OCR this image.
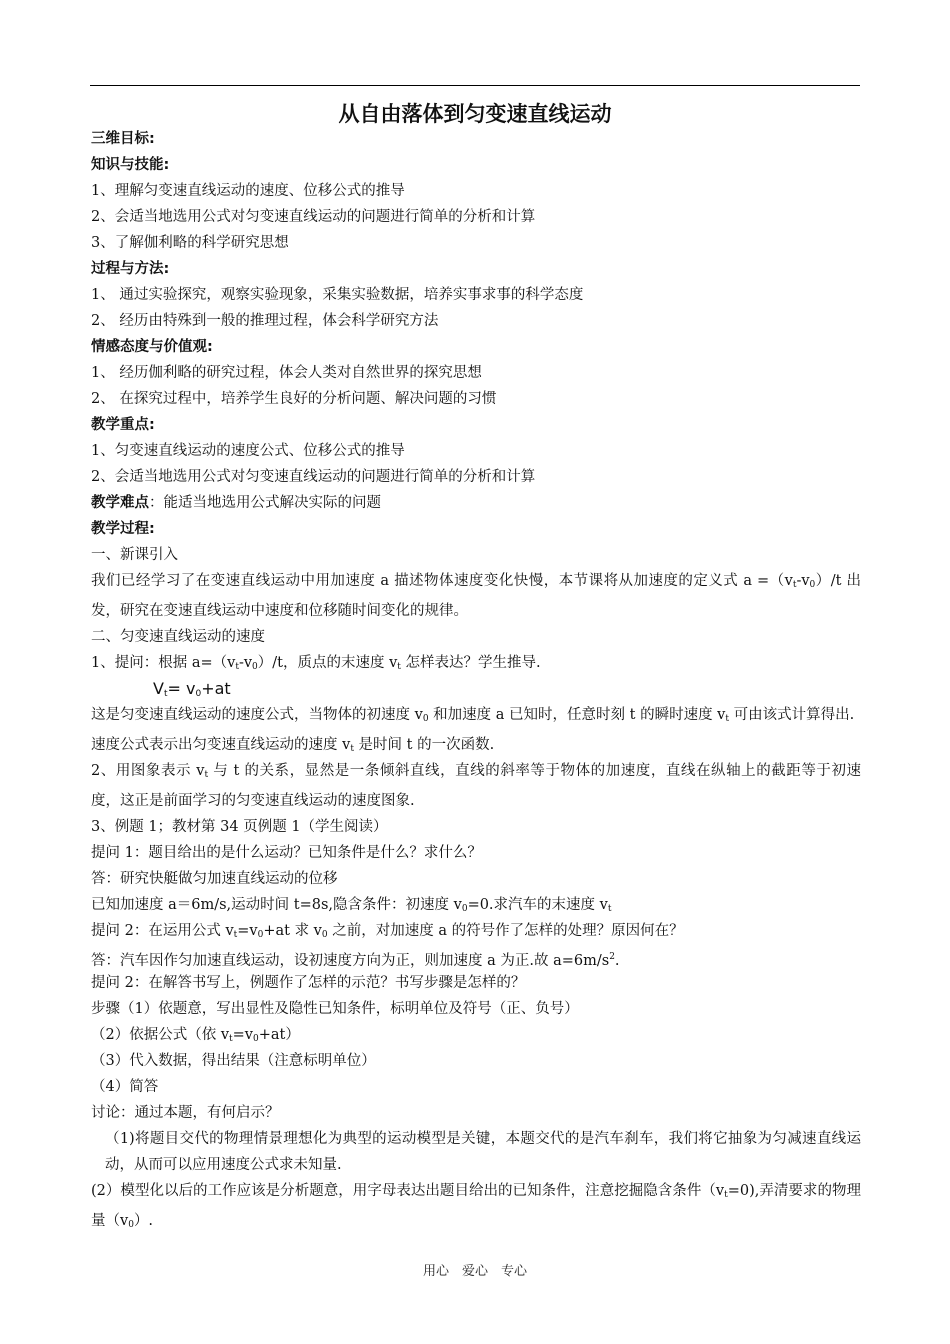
从自由落体到匀变速直线运动
三维目标:
知识与技能:
1、理解匀变速直线运动的速度、位移公式的推导
2、会适当地选用公式对匀变速直线运动的问题进行简单的分析和计算
3、了解伽利略的科学研究思想
过程与方法:
1、 通过实验探究，观察实验现象，采集实验数据，培养实事求事的科学态度
2、 经历由特殊到一般的推理过程，体会科学研究方法
情感态度与价值观:
1、 经历伽利略的研究过程，体会人类对自然世界的探究思想
2、 在探究过程中，培养学生良好的分析问题、解决问题的习惯
教学重点:
1、匀变速直线运动的速度公式、位移公式的推导
2、会适当地选用公式对匀变速直线运动的问题进行简单的分析和计算
教学难点：能适当地选用公式解决实际的问题
教学过程:
一、新课引入
我们已经学习了在变速直线运动中用加速度 a 描述物体速度变化快慢，本节课将从加速度的定义式 $a =(v_t-v_0)/t$ 出发，研究在变速直线运动中速度和位移随时间变化的规律。
二、匀变速直线运动的速度
1、提问：根据 $a=(v_t-v_0)/t$，质点的末速度 $v_t$ 怎样表达？学生推导.
$V_t= v_0+at$
这是匀变速直线运动的速度公式，当物体的初速度 $v_0$ 和加速度 a 已知时，任意时刻 t 的瞬时速度 $v_t$ 可由该式计算得出.
速度公式表示出匀变速直线运动的速度 $v_t$ 是时间 t 的一次函数.
2、用图象表示 $v_t$ 与 t 的关系，显然是一条倾斜直线，直线的斜率等于物体的加速度，直线在纵轴上的截距等于初速度，这正是前面学习的匀变速直线运动的速度图象.
3、例题 1；教材第 34 页例题 1（学生阅读）
提问 1：题目给出的是什么运动？已知条件是什么？求什么？
答：研究快艇做匀加速直线运动的位移
已知加速度 a＝6m/s,运动时间 t=8s,隐含条件：初速度 $v_0=0$.求汽车的末速度 $v_t$
提问 2：在运用公式 $v_t=v_0+at$ 求 $v_0$ 之前，对加速度 a 的符号作了怎样的处理？原因何在？
答：汽车因作匀加速直线运动，设初速度方向为正，则加速度 a 为正.故 $a=6m/s^2$.
提问 2：在解答书写上，例题作了怎样的示范？书写步骤是怎样的？
步骤（1）依题意，写出显性及隐性已知条件，标明单位及符号（正、负号）
（2）依据公式（依 $v_t=v_0+at$）
（3）代入数据，得出结果（注意标明单位）
（4）简答
讨论：通过本题，有何启示？
（1)将题目交代的物理情景理想化为典型的运动模型是关键，本题交代的是汽车刹车，我们将它抽象为匀减速直线运动，从而可以应用速度公式求未知量.
(2）模型化以后的工作应该是分析题意，用字母表达出题目给出的已知条件，注意挖掘隐含条件$(v_t=0)$,弄清要求的物理量$(v_0)$.
用心　爱心　专心
